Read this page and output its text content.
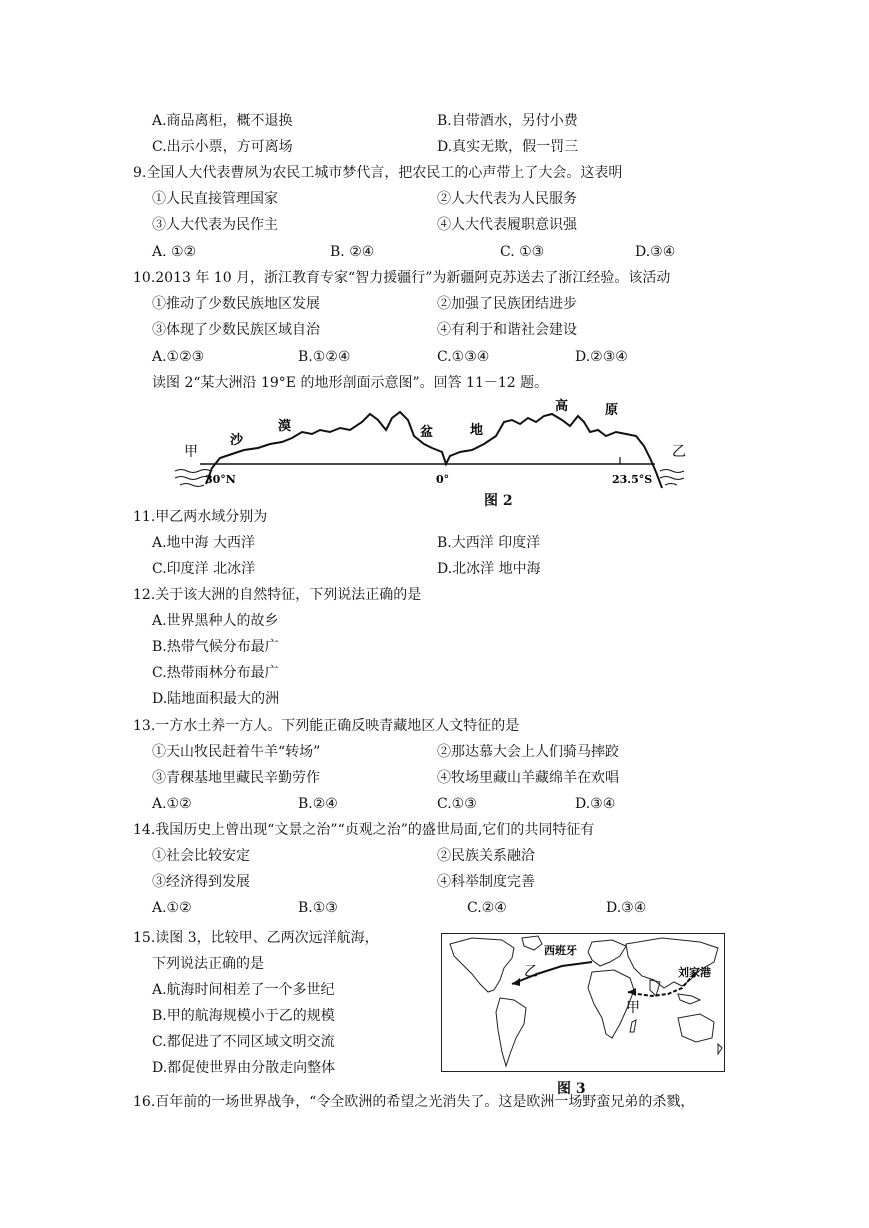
A.商品离柜，概不退换	B.自带酒水，另付小费
C.出示小票，方可离场	D.真实无欺，假一罚三
9.全国人大代表曹夙为农民工城市梦代言，把农民工的心声带上了大会。这表明
①人民直接管理国家	②人大代表为人民服务
③人大代表为民作主	④人大代表履职意识强
A. ①②	B. ②④	C. ①③	D.③④
10.2013 年 10 月，浙江教育专家“智力援疆行”为新疆阿克苏送去了浙江经验。该活动
①推动了少数民族地区发展	②加强了民族团结进步
③体现了少数民族区域自治	④有利于和谐社会建设
A.①②③	B.①②④	C.①③④	D.②③④
读图 2“某大洲沿 19°E 的地形剖面示意图”。回答 11－12 题。
甲
沙
漠	盆	地
高	原
乙
30°N	0°	23.5°S
图 2
11.甲乙两水域分别为
A.地中海 大西洋	B.大西洋 印度洋
C.印度洋 北冰洋	D.北冰洋 地中海
12.关于该大洲的自然特征，下列说法正确的是
A.世界黑种人的故乡
B.热带气候分布最广
C.热带雨林分布最广
D.陆地面积最大的洲
13.一方水土养一方人。下列能正确反映青藏地区人文特征的是
①天山牧民赶着牛羊“转场”	②那达慕大会上人们骑马摔跤
③青稞基地里藏民辛勤劳作	④牧场里藏山羊藏绵羊在欢唱
A.①②	B.②④	C.①③	D.③④
14.我国历史上曾出现“文景之治”“贞观之治”的盛世局面,它们的共同特征有
①社会比较安定	②民族关系融洽
③经济得到发展	④科举制度完善
A.①②	B.①③	C.②④	D.③④
15.读图 3，比较甲、乙两次远洋航海，
下列说法正确的是
A.航海时间相差了一个多世纪
B.甲的航海规模小于乙的规模
C.都促进了不同区域文明交流
D.都促使世界由分散走向整体
西班牙
乙
甲
刘家港
图 3
16.百年前的一场世界战争，“令全欧洲的希望之光消失了。这是欧洲一场野蛮兄弟的杀戮，
